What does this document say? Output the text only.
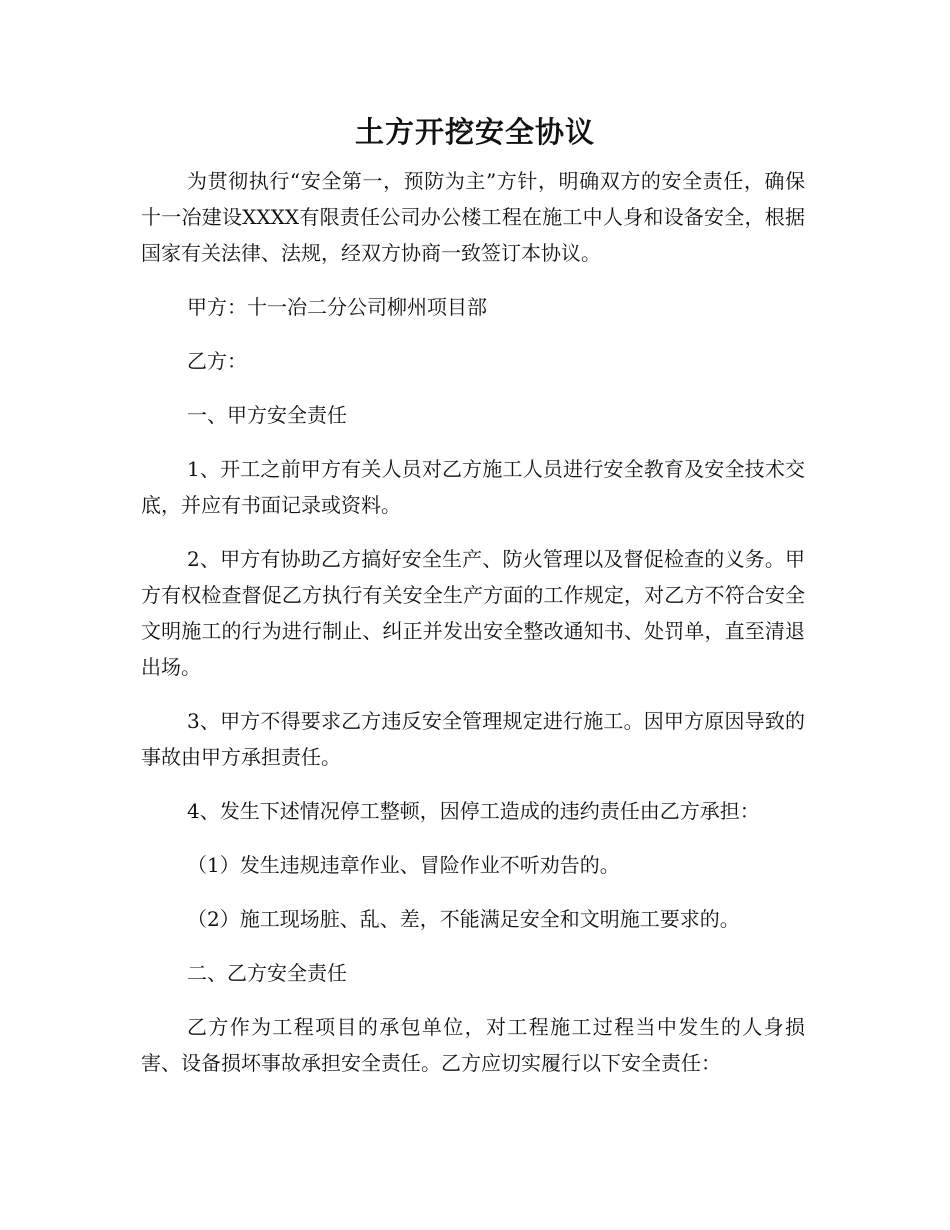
土方开挖安全协议

为贯彻执行“安全第一，预防为主”方针，明确双方的安全责任，确保十一冶建设XXXX有限责任公司办公楼工程在施工中人身和设备安全，根据国家有关法律、法规，经双方协商一致签订本协议。

甲方：十一冶二分公司柳州项目部

乙方：

一、甲方安全责任

1、开工之前甲方有关人员对乙方施工人员进行安全教育及安全技术交底，并应有书面记录或资料。

2、甲方有协助乙方搞好安全生产、防火管理以及督促检查的义务。甲方有权检查督促乙方执行有关安全生产方面的工作规定，对乙方不符合安全文明施工的行为进行制止、纠正并发出安全整改通知书、处罚单，直至清退出场。

3、甲方不得要求乙方违反安全管理规定进行施工。因甲方原因导致的事故由甲方承担责任。

4、发生下述情况停工整顿，因停工造成的违约责任由乙方承担：

（1）发生违规违章作业、冒险作业不听劝告的。

（2）施工现场脏、乱、差，不能满足安全和文明施工要求的。

二、乙方安全责任

乙方作为工程项目的承包单位，对工程施工过程当中发生的人身损害、设备损坏事故承担安全责任。乙方应切实履行以下安全责任：
